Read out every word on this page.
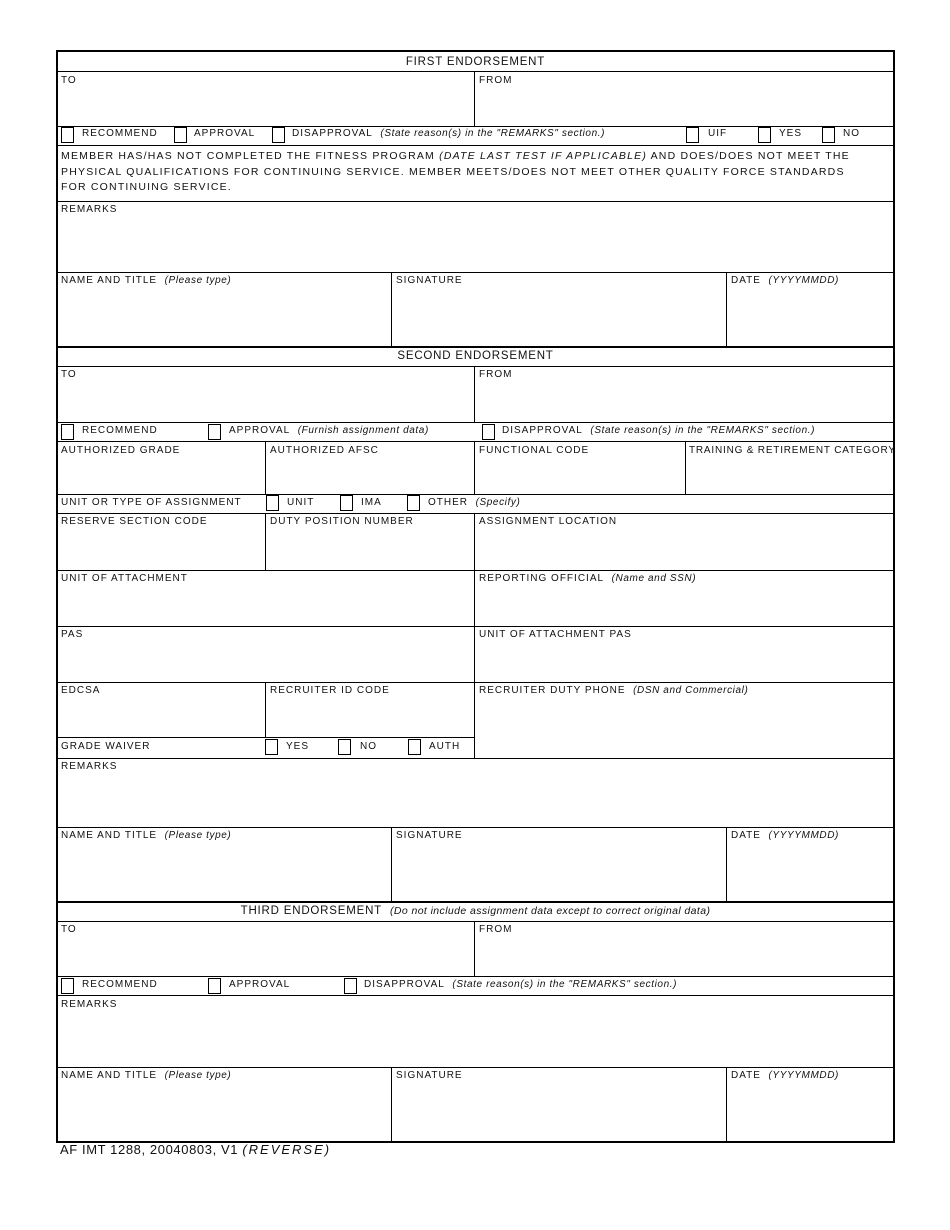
FIRST ENDORSEMENT
TO	FROM
RECOMMEND	APPROVAL	DISAPPROVAL (State reason(s) in the "REMARKS" section.)	UIF	YES	NO
MEMBER HAS/HAS NOT COMPLETED THE FITNESS PROGRAM (DATE LAST TEST IF APPLICABLE) AND DOES/DOES NOT MEET THE PHYSICAL QUALIFICATIONS FOR CONTINUING SERVICE. MEMBER MEETS/DOES NOT MEET OTHER QUALITY FORCE STANDARDS FOR CONTINUING SERVICE.
REMARKS
NAME AND TITLE (Please type)	SIGNATURE	DATE (YYYYMMDD)
SECOND ENDORSEMENT
TO	FROM
RECOMMEND	APPROVAL (Furnish assignment data)	DISAPPROVAL (State reason(s) in the "REMARKS" section.)
AUTHORIZED GRADE	AUTHORIZED AFSC	FUNCTIONAL CODE	TRAINING & RETIREMENT CATEGORY
UNIT OR TYPE OF ASSIGNMENT	UNIT	IMA	OTHER (Specify)
RESERVE SECTION CODE	DUTY POSITION NUMBER	ASSIGNMENT LOCATION
UNIT OF ATTACHMENT	REPORTING OFFICIAL (Name and SSN)
PAS	UNIT OF ATTACHMENT PAS
EDCSA	RECRUITER ID CODE	RECRUITER DUTY PHONE (DSN and Commercial)
GRADE WAIVER	YES	NO	AUTH
REMARKS
NAME AND TITLE (Please type)	SIGNATURE	DATE (YYYYMMDD)
THIRD ENDORSEMENT (Do not include assignment data except to correct original data)
TO	FROM
RECOMMEND	APPROVAL	DISAPPROVAL (State reason(s) in the "REMARKS" section.)
REMARKS
NAME AND TITLE (Please type)	SIGNATURE	DATE (YYYYMMDD)
AF IMT 1288, 20040803, V1 (REVERSE)
